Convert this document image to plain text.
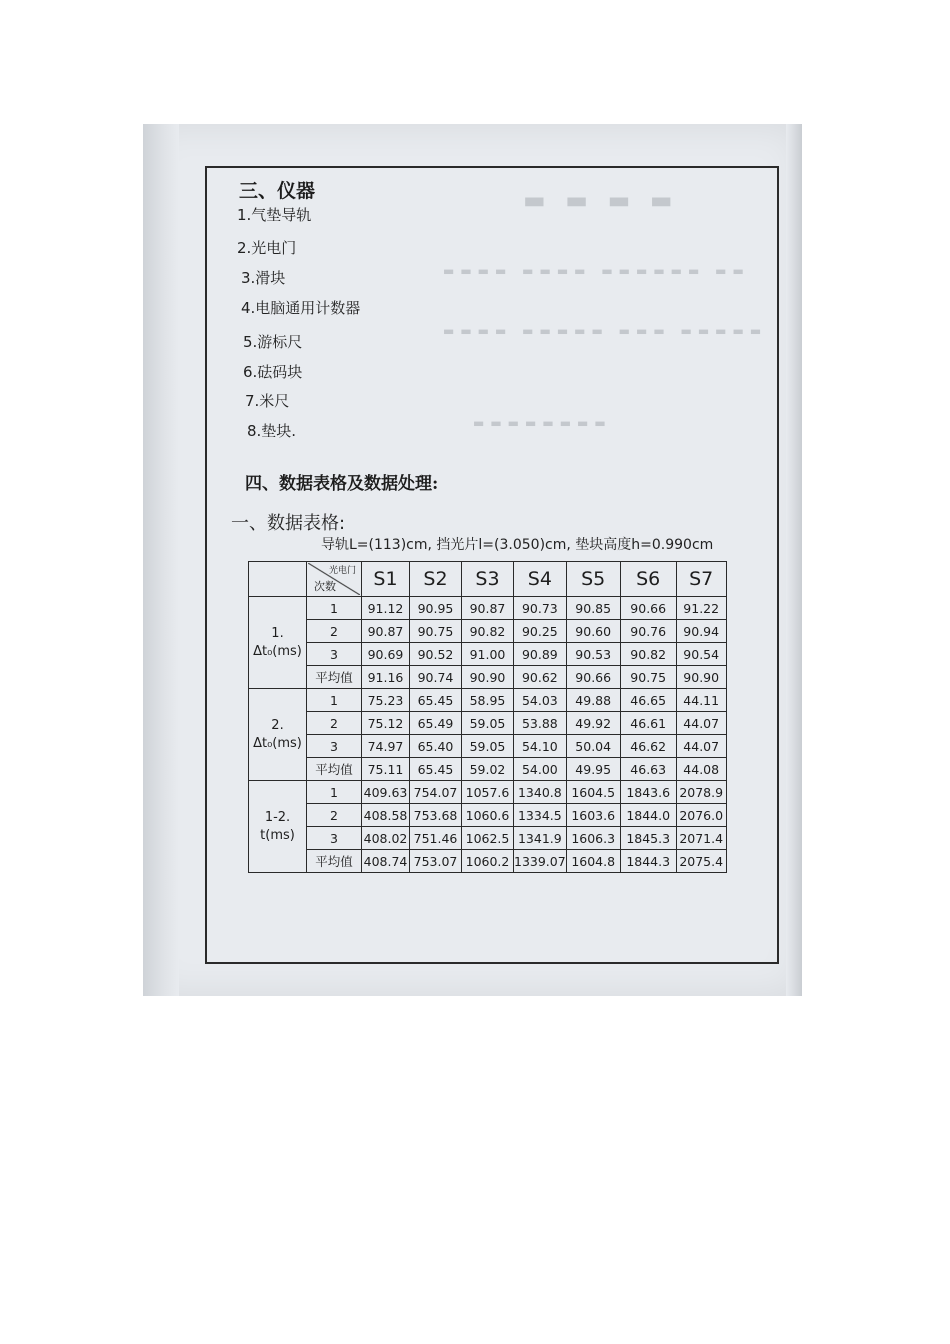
▬ ▬ ▬ ▬
▬▬▬▬ ▬▬▬▬ ▬▬▬▬▬▬ ▬▬
▬▬▬▬ ▬▬▬▬▬ ▬▬▬ ▬▬▬▬▬
▬▬▬▬▬▬▬▬
三、仪器
1.气垫导轨
2.光电门
3.滑块
4.电脑通用计数器
5.游标尺
6.砝码块
7.米尺
8.垫块.
四、数据表格及数据处理:
一、数据表格:
导轨L=(113)cm, 挡光片l=(3.050)cm, 垫块高度h=0.990cm

	光电门
次数	S1	S2	S3	S4	S5	S6	S7

1.
Δt₀(ms)	1	91.12	90.95	90.87	90.73	90.85	90.66	91.22
	2	90.87	90.75	90.82	90.25	90.60	90.76	90.94
	3	90.69	90.52	91.00	90.89	90.53	90.82	90.54
	平均值	91.16	90.74	90.90	90.62	90.66	90.75	90.90

2.
Δt₀(ms)	1	75.23	65.45	58.95	54.03	49.88	46.65	44.11
	2	75.12	65.49	59.05	53.88	49.92	46.61	44.07
	3	74.97	65.40	59.05	54.10	50.04	46.62	44.07
	平均值	75.11	65.45	59.02	54.00	49.95	46.63	44.08

1-2.
t(ms)	1	409.63	754.07	1057.6	1340.8	1604.5	1843.6	2078.9
	2	408.58	753.68	1060.6	1334.5	1603.6	1844.0	2076.0
	3	408.02	751.46	1062.5	1341.9	1606.3	1845.3	2071.4
	平均值	408.74	753.07	1060.2	1339.07	1604.8	1844.3	2075.4
